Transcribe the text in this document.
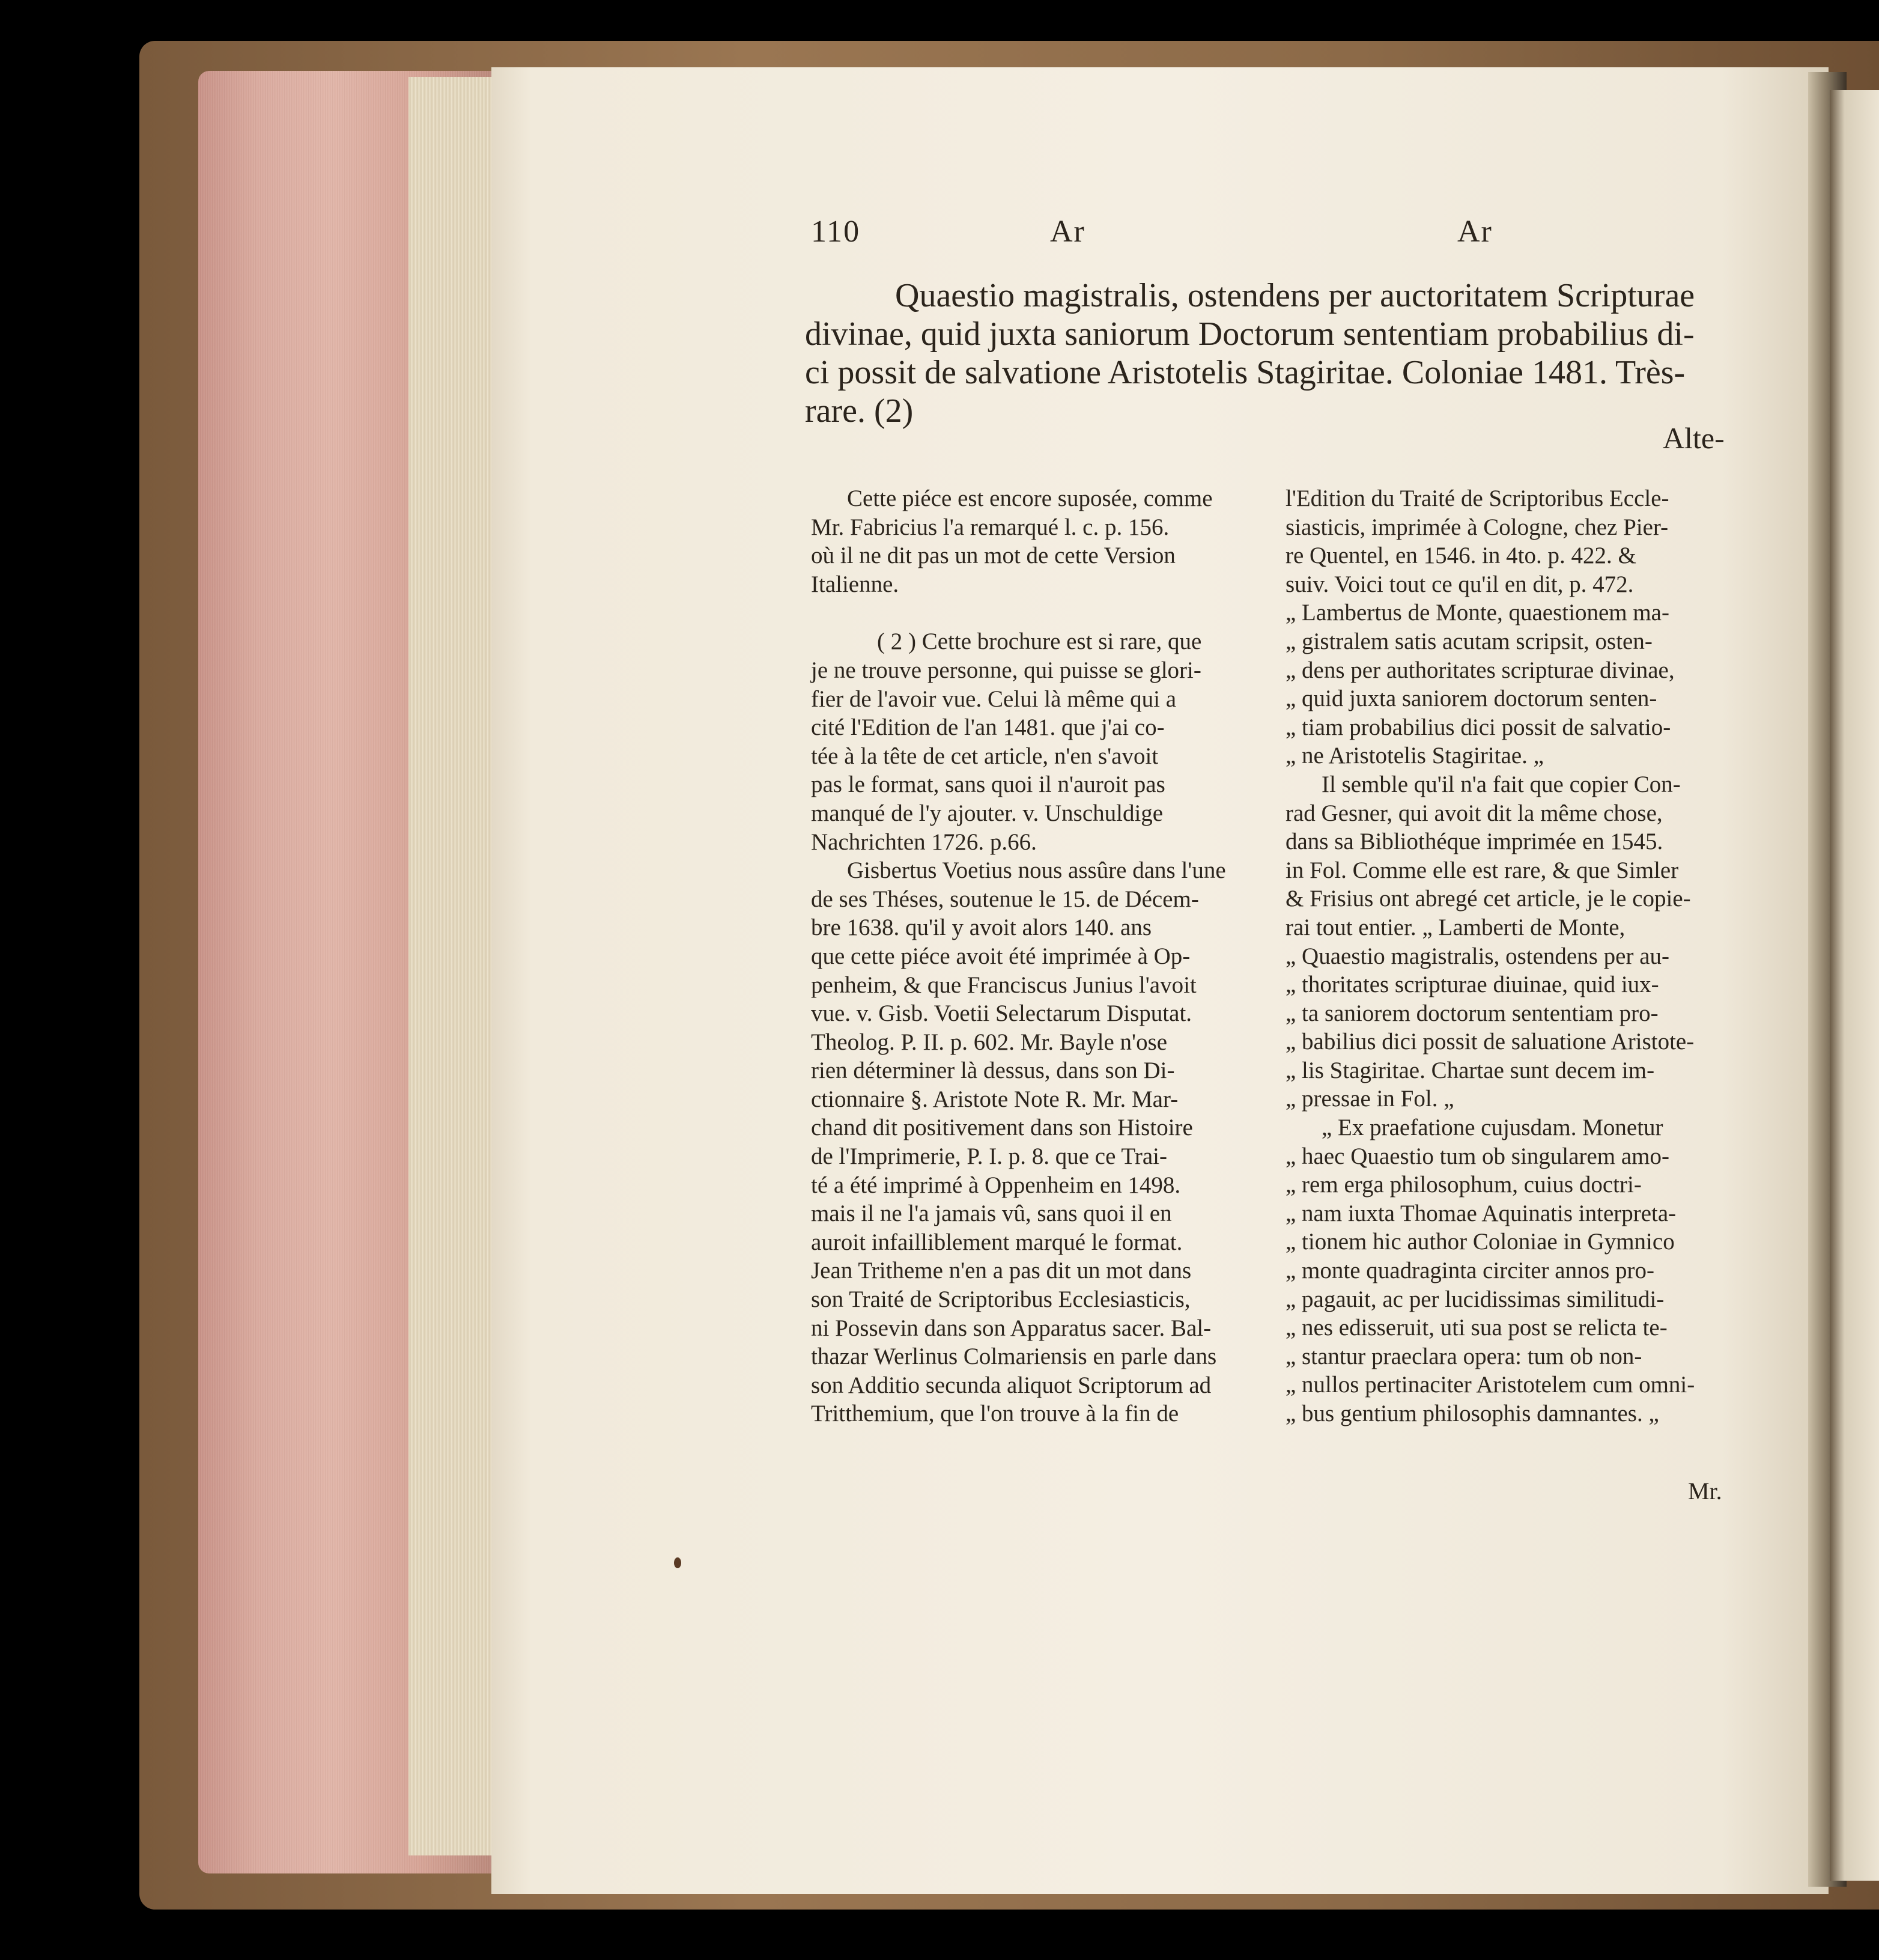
110	Ar	Ar
Quaestio magistralis, ostendens per auctoritatem Scripturae
divinae, quid juxta saniorum Doctorum sententiam probabilius di-
ci possit de salvatione Aristotelis Stagiritae. Coloniae 1481. Très-
rare. (2)
Alte-
Cette piéce est encore suposée, comme
Mr. Fabricius l'a remarqué l. c. p. 156.
où il ne dit pas un mot de cette Version
Italienne.
( 2 ) Cette brochure est si rare, que
je ne trouve personne, qui puisse se glori-
fier de l'avoir vue. Celui là même qui a
cité l'Edition de l'an 1481. que j'ai co-
tée à la tête de cet article, n'en s'avoit
pas le format, sans quoi il n'auroit pas
manqué de l'y ajouter. v. Unschuldige
Nachrichten 1726. p.66.
Gisbertus Voetius nous assûre dans l'une
de ses Théses, soutenue le 15. de Décem-
bre 1638. qu'il y avoit alors 140. ans
que cette piéce avoit été imprimée à Op-
penheim, & que Franciscus Junius l'avoit
vue. v. Gisb. Voetii Selectarum Disputat.
Theolog. P. II. p. 602. Mr. Bayle n'ose
rien déterminer là dessus, dans son Di-
ctionnaire §. Aristote Note R. Mr. Mar-
chand dit positivement dans son Histoire
de l'Imprimerie, P. I. p. 8. que ce Trai-
té a été imprimé à Oppenheim en 1498.
mais il ne l'a jamais vû, sans quoi il en
auroit infailliblement marqué le format.
Jean Tritheme n'en a pas dit un mot dans
son Traité de Scriptoribus Ecclesiasticis,
ni Possevin dans son Apparatus sacer. Bal-
thazar Werlinus Colmariensis en parle dans
son Additio secunda aliquot Scriptorum ad
Tritthemium, que l'on trouve à la fin de
l'Edition du Traité de Scriptoribus Eccle-
siasticis, imprimée à Cologne, chez Pier-
re Quentel, en 1546. in 4to. p. 422. &
suiv. Voici tout ce qu'il en dit, p. 472.
„ Lambertus de Monte, quaestionem ma-
„ gistralem satis acutam scripsit, osten-
„ dens per authoritates scripturae divinae,
„ quid juxta saniorem doctorum senten-
„ tiam probabilius dici possit de salvatio-
„ ne Aristotelis Stagiritae. „
Il semble qu'il n'a fait que copier Con-
rad Gesner, qui avoit dit la même chose,
dans sa Bibliothéque imprimée en 1545.
in Fol. Comme elle est rare, & que Simler
& Frisius ont abregé cet article, je le copie-
rai tout entier. „ Lamberti de Monte,
„ Quaestio magistralis, ostendens per au-
„ thoritates scripturae diuinae, quid iux-
„ ta saniorem doctorum sententiam pro-
„ babilius dici possit de saluatione Aristote-
„ lis Stagiritae. Chartae sunt decem im-
„ pressae in Fol. „
„ Ex praefatione cujusdam. Monetur
„ haec Quaestio tum ob singularem amo-
„ rem erga philosophum, cuius doctri-
„ nam iuxta Thomae Aquinatis interpreta-
„ tionem hic author Coloniae in Gymnico
„ monte quadraginta circiter annos pro-
„ pagauit, ac per lucidissimas similitudi-
„ nes edisseruit, uti sua post se relicta te-
„ stantur praeclara opera: tum ob non-
„ nullos pertinaciter Aristotelem cum omni-
„ bus gentium philosophis damnantes. „
Mr.
